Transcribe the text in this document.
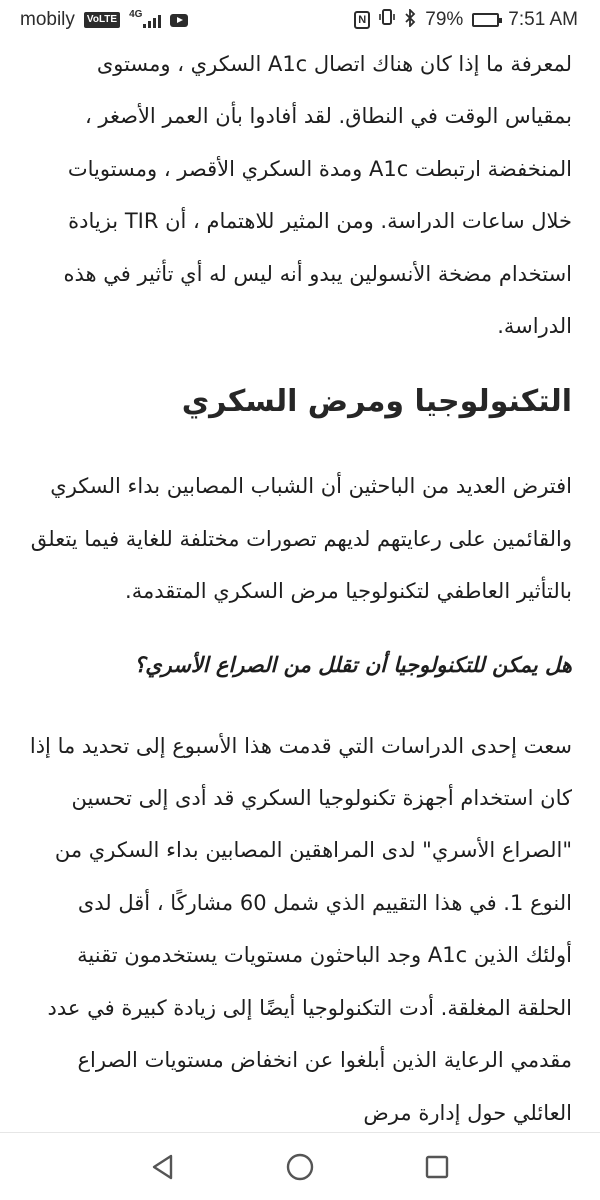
mobily	VoLTE	4G	N	79% 7:51 AM

لمعرفة ما إذا كان هناك اتصال A1c السكري ، ومستوى بمقياس الوقت في النطاق. لقد أفادوا بأن العمر الأصغر ، المنخفضة ارتبطت A1c ومدة السكري الأقصر ، ومستويات خلال ساعات الدراسة. ومن المثير للاهتمام ، أن TIR بزيادة استخدام مضخة الأنسولين يبدو أنه ليس له أي تأثير في هذه الدراسة.

التكنولوجيا ومرض السكري

افترض العديد من الباحثين أن الشباب المصابين بداء السكري والقائمين على رعايتهم لديهم تصورات مختلفة للغاية فيما يتعلق بالتأثير العاطفي لتكنولوجيا مرض السكري المتقدمة.

هل يمكن للتكنولوجيا أن تقلل من الصراع الأسري؟

سعت إحدى الدراسات التي قدمت هذا الأسبوع إلى تحديد ما إذا كان استخدام أجهزة تكنولوجيا السكري قد أدى إلى تحسين "الصراع الأسري" لدى المراهقين المصابين بداء السكري من النوع 1. في هذا التقييم الذي شمل 60 مشاركًا ، أقل لدى أولئك الذين A1c وجد الباحثون مستويات يستخدمون تقنية الحلقة المغلقة. أدت التكنولوجيا أيضًا إلى زيادة كبيرة في عدد مقدمي الرعاية الذين أبلغوا عن انخفاض مستويات الصراع العائلي حول إدارة مرض
